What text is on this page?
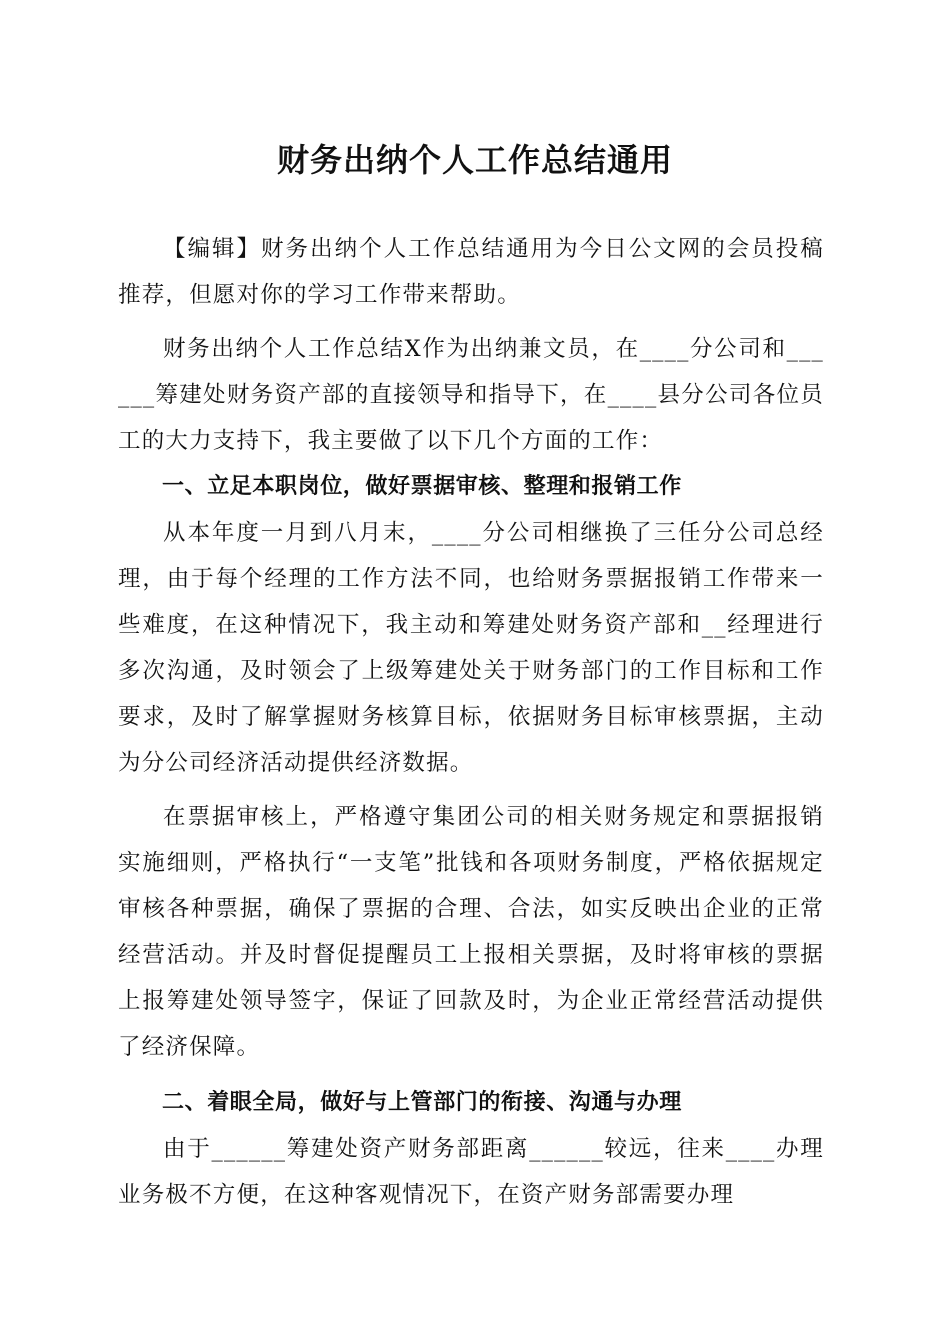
财务出纳个人工作总结通用

【编辑】财务出纳个人工作总结通用为今日公文网的会员投稿推荐，但愿对你的学习工作带来帮助。

财务出纳个人工作总结X作为出纳兼文员，在____分公司和______筹建处财务资产部的直接领导和指导下，在____县分公司各位员工的大力支持下，我主要做了以下几个方面的工作：

一、立足本职岗位，做好票据审核、整理和报销工作

从本年度一月到八月末，____分公司相继换了三任分公司总经理，由于每个经理的工作方法不同，也给财务票据报销工作带来一些难度，在这种情况下，我主动和筹建处财务资产部和__经理进行多次沟通，及时领会了上级筹建处关于财务部门的工作目标和工作要求，及时了解掌握财务核算目标，依据财务目标审核票据，主动为分公司经济活动提供经济数据。

在票据审核上，严格遵守集团公司的相关财务规定和票据报销实施细则，严格执行“一支笔”批钱和各项财务制度，严格依据规定审核各种票据，确保了票据的合理、合法，如实反映出企业的正常经营活动。并及时督促提醒员工上报相关票据，及时将审核的票据上报筹建处领导签字，保证了回款及时，为企业正常经营活动提供了经济保障。

二、着眼全局，做好与上管部门的衔接、沟通与办理

由于______筹建处资产财务部距离______较远，往来____办理业务极不方便，在这种客观情况下，在资产财务部需要办理
